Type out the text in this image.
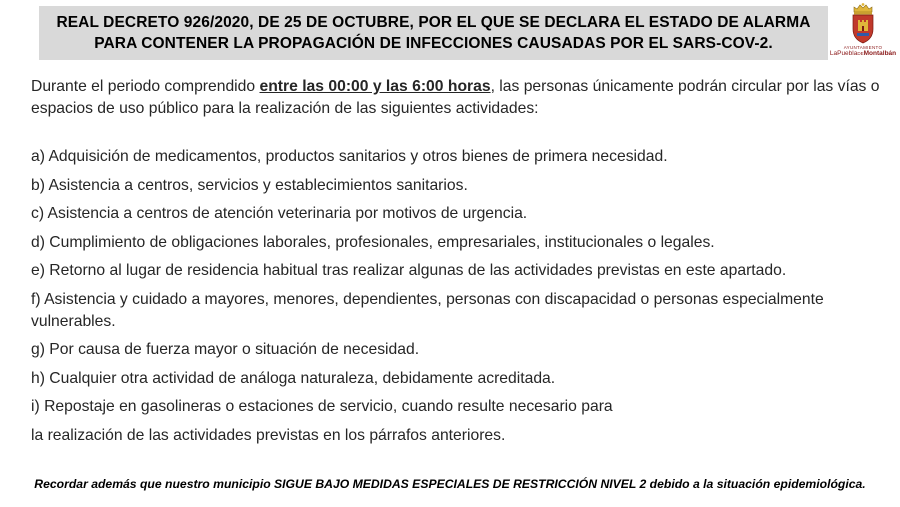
REAL DECRETO 926/2020, DE 25 DE OCTUBRE, POR EL QUE SE DECLARA EL ESTADO DE ALARMA
PARA CONTENER LA PROPAGACIÓN DE INFECCIONES CAUSADAS POR EL SARS-COV-2.	AYUNTAMIENTO
LaPueblaDEMontalbán

Durante el periodo comprendido entre las 00:00 y las 6:00 horas, las personas únicamente podrán circular por las vías o espacios de uso público para la realización de las siguientes actividades:

a) Adquisición de medicamentos, productos sanitarios y otros bienes de primera necesidad.
b) Asistencia a centros, servicios y establecimientos sanitarios.
c) Asistencia a centros de atención veterinaria por motivos de urgencia.
d) Cumplimiento de obligaciones laborales, profesionales, empresariales, institucionales o legales.
e) Retorno al lugar de residencia habitual tras realizar algunas de las actividades previstas en este apartado.
f) Asistencia y cuidado a mayores, menores, dependientes, personas con discapacidad o personas especialmente vulnerables.
g) Por causa de fuerza mayor o situación de necesidad.
h) Cualquier otra actividad de análoga naturaleza, debidamente acreditada.
i) Repostaje en gasolineras o estaciones de servicio, cuando resulte necesario para
la realización de las actividades previstas en los párrafos anteriores.
Recordar además que nuestro municipio SIGUE BAJO MEDIDAS ESPECIALES DE RESTRICCIÓN NIVEL 2 debido a la situación epidemiológica.
